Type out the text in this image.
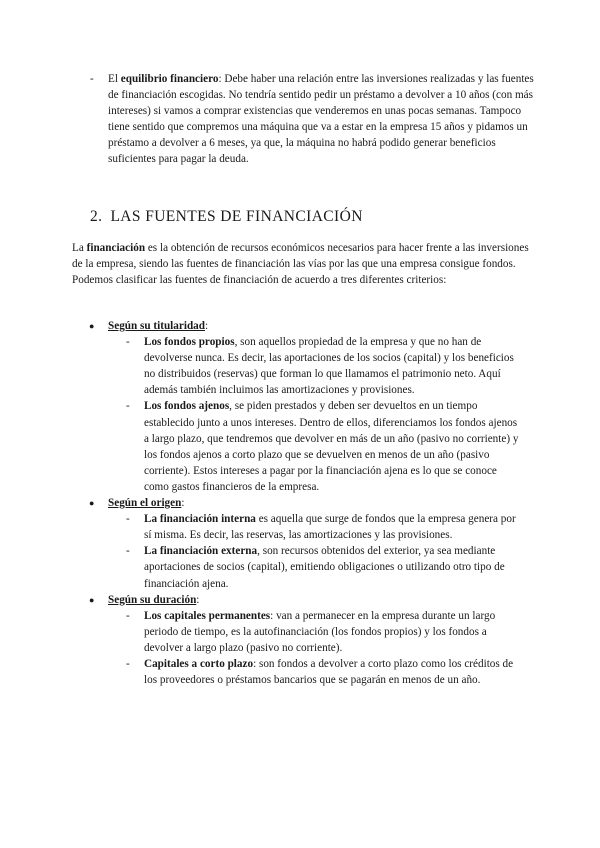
- El equilibrio financiero: Debe haber una relación entre las inversiones realizadas y las fuentes de financiación escogidas. No tendría sentido pedir un préstamo a devolver a 10 años (con más intereses) si vamos a comprar existencias que venderemos en unas pocas semanas. Tampoco tiene sentido que compremos una máquina que va a estar en la empresa 15 años y pidamos un préstamo a devolver a 6 meses, ya que, la máquina no habrá podido generar beneficios suficientes para pagar la deuda.
2. LAS FUENTES DE FINANCIACIÓN
La financiación es la obtención de recursos económicos necesarios para hacer frente a las inversiones de la empresa, siendo las fuentes de financiación las vías por las que una empresa consigue fondos. Podemos clasificar las fuentes de financiación de acuerdo a tres diferentes criterios:
● Según su titularidad:
- Los fondos propios, son aquellos propiedad de la empresa y que no han de devolverse nunca. Es decir, las aportaciones de los socios (capital) y los beneficios no distribuidos (reservas) que forman lo que llamamos el patrimonio neto. Aquí además también incluimos las amortizaciones y provisiones.
- Los fondos ajenos, se piden prestados y deben ser devueltos en un tiempo establecido junto a unos intereses. Dentro de ellos, diferenciamos los fondos ajenos a largo plazo, que tendremos que devolver en más de un año (pasivo no corriente) y los fondos ajenos a corto plazo que se devuelven en menos de un año (pasivo corriente). Estos intereses a pagar por la financiación ajena es lo que se conoce como gastos financieros de la empresa.
● Según el origen:
- La financiación interna es aquella que surge de fondos que la empresa genera por sí misma. Es decir, las reservas, las amortizaciones y las provisiones.
- La financiación externa, son recursos obtenidos del exterior, ya sea mediante aportaciones de socios (capital), emitiendo obligaciones o utilizando otro tipo de financiación ajena.
● Según su duración:
- Los capitales permanentes: van a permanecer en la empresa durante un largo periodo de tiempo, es la autofinanciación (los fondos propios) y los fondos a devolver a largo plazo (pasivo no corriente).
- Capitales a corto plazo: son fondos a devolver a corto plazo como los créditos de los proveedores o préstamos bancarios que se pagarán en menos de un año.
